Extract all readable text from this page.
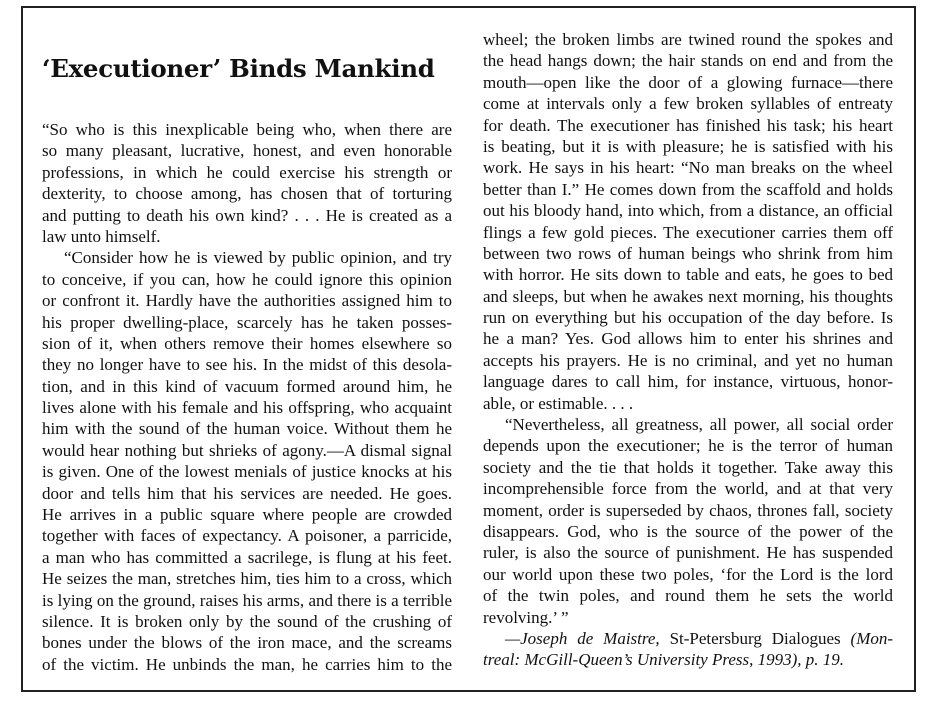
‘Executioner’ Binds Mankind
“So who is this inexplicable being who, when there are
so many pleasant, lucrative, honest, and even honorable
professions, in which he could exercise his strength or
dexterity, to choose among, has chosen that of torturing
and putting to death his own kind? . . . He is created as a
law unto himself.
“Consider how he is viewed by public opinion, and try
to conceive, if you can, how he could ignore this opinion
or confront it. Hardly have the authorities assigned him to
his proper dwelling-place, scarcely has he taken posses-
sion of it, when others remove their homes elsewhere so
they no longer have to see his. In the midst of this desola-
tion, and in this kind of vacuum formed around him, he
lives alone with his female and his offspring, who acquaint
him with the sound of the human voice. Without them he
would hear nothing but shrieks of agony.—A dismal signal
is given. One of the lowest menials of justice knocks at his
door and tells him that his services are needed. He goes.
He arrives in a public square where people are crowded
together with faces of expectancy. A poisoner, a parricide,
a man who has committed a sacrilege, is flung at his feet.
He seizes the man, stretches him, ties him to a cross, which
is lying on the ground, raises his arms, and there is a terrible
silence. It is broken only by the sound of the crushing of
bones under the blows of the iron mace, and the screams
of the victim. He unbinds the man, he carries him to the
wheel; the broken limbs are twined round the spokes and
the head hangs down; the hair stands on end and from the
mouth—open like the door of a glowing furnace—there
come at intervals only a few broken syllables of entreaty
for death. The executioner has finished his task; his heart
is beating, but it is with pleasure; he is satisfied with his
work. He says in his heart: “No man breaks on the wheel
better than I.” He comes down from the scaffold and holds
out his bloody hand, into which, from a distance, an official
flings a few gold pieces. The executioner carries them off
between two rows of human beings who shrink from him
with horror. He sits down to table and eats, he goes to bed
and sleeps, but when he awakes next morning, his thoughts
run on everything but his occupation of the day before. Is
he a man? Yes. God allows him to enter his shrines and
accepts his prayers. He is no criminal, and yet no human
language dares to call him, for instance, virtuous, honor-
able, or estimable. . . .
“Nevertheless, all greatness, all power, all social order
depends upon the executioner; he is the terror of human
society and the tie that holds it together. Take away this
incomprehensible force from the world, and at that very
moment, order is superseded by chaos, thrones fall, society
disappears. God, who is the source of the power of the
ruler, is also the source of punishment. He has suspended
our world upon these two poles, ‘for the Lord is the lord
of the twin poles, and round them he sets the world
revolving.’ ”
—Joseph de Maistre, St-Petersburg Dialogues (Mon-
treal: McGill-Queen’s University Press, 1993), p. 19.
